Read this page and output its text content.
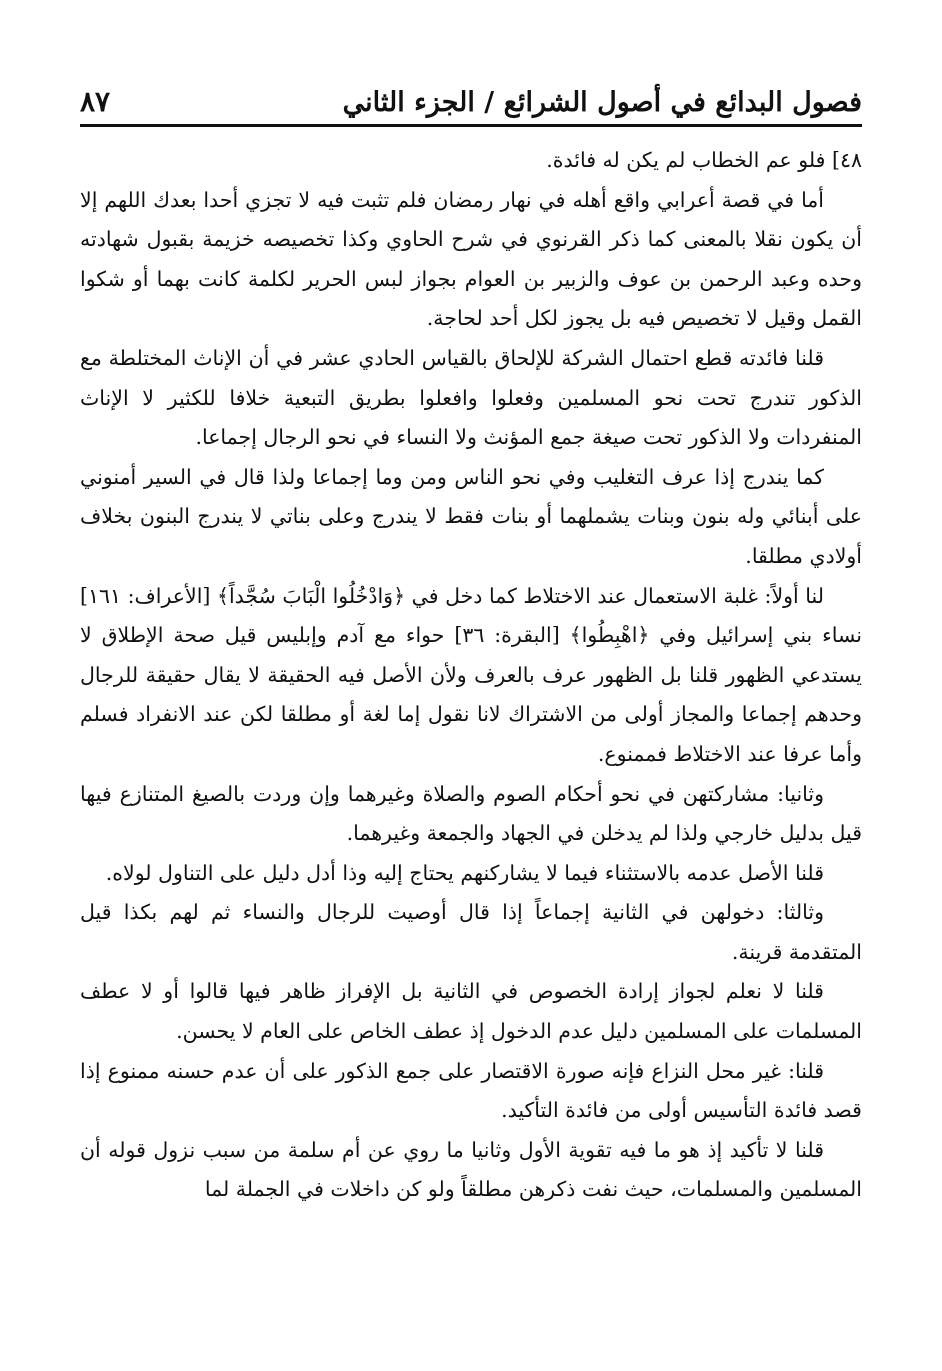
فصول البدائع في أصول الشرائع / الجزء الثاني
٨٧

٤٨] فلو عم الخطاب لم يكن له فائدة.

أما في قصة أعرابي واقع أهله في نهار رمضان فلم تثبت فيه لا تجزي أحدا بعدك اللهم إلا أن يكون نقلا بالمعنى كما ذكر القرنوي في شرح الحاوي وكذا تخصيصه خزيمة بقبول شهادته وحده وعبد الرحمن بن عوف والزبير بن العوام بجواز لبس الحرير لكلمة كانت بهما أو شكوا القمل وقيل لا تخصيص فيه بل يجوز لكل أحد لحاجة.

قلنا فائدته قطع احتمال الشركة للإلحاق بالقياس الحادي عشر في أن الإناث المختلطة مع الذكور تندرج تحت نحو المسلمين وفعلوا وافعلوا بطريق التبعية خلافا للكثير لا الإناث المنفردات ولا الذكور تحت صيغة جمع المؤنث ولا النساء في نحو الرجال إجماعا.

كما يندرج إذا عرف التغليب وفي نحو الناس ومن وما إجماعا ولذا قال في السير أمنوني على أبنائي وله بنون وبنات يشملهما أو بنات فقط لا يندرج وعلى بناتي لا يندرج البنون بخلاف أولادي مطلقا.

لنا أولاً: غلبة الاستعمال عند الاختلاط كما دخل في ﴿وَادْخُلُوا الْبَابَ سُجَّداً﴾ [الأعراف: ١٦١] نساء بني إسرائيل وفي ﴿اهْبِطُوا﴾ [البقرة: ٣٦] حواء مع آدم وإبليس قيل صحة الإطلاق لا يستدعي الظهور قلنا بل الظهور عرف بالعرف ولأن الأصل فيه الحقيقة لا يقال حقيقة للرجال وحدهم إجماعا والمجاز أولى من الاشتراك لانا نقول إما لغة أو مطلقا لكن عند الانفراد فسلم وأما عرفا عند الاختلاط فممنوع.

وثانيا: مشاركتهن في نحو أحكام الصوم والصلاة وغيرهما وإن وردت بالصيغ المتنازع فيها قيل بدليل خارجي ولذا لم يدخلن في الجهاد والجمعة وغيرهما.

قلنا الأصل عدمه بالاستثناء فيما لا يشاركنهم يحتاج إليه وذا أدل دليل على التناول لولاه.

وثالثا: دخولهن في الثانية إجماعاً إذا قال أوصيت للرجال والنساء ثم لهم بكذا قيل المتقدمة قرينة.

قلنا لا نعلم لجواز إرادة الخصوص في الثانية بل الإفراز ظاهر فيها قالوا أو لا عطف المسلمات على المسلمين دليل عدم الدخول إذ عطف الخاص على العام لا يحسن.

قلنا: غير محل النزاع فإنه صورة الاقتصار على جمع الذكور على أن عدم حسنه ممنوع إذا قصد فائدة التأسيس أولى من فائدة التأكيد.

قلنا لا تأكيد إذ هو ما فيه تقوية الأول وثانيا ما روي عن أم سلمة من سبب نزول قوله أن المسلمين والمسلمات، حيث نفت ذكرهن مطلقاً ولو كن داخلات في الجملة لما
